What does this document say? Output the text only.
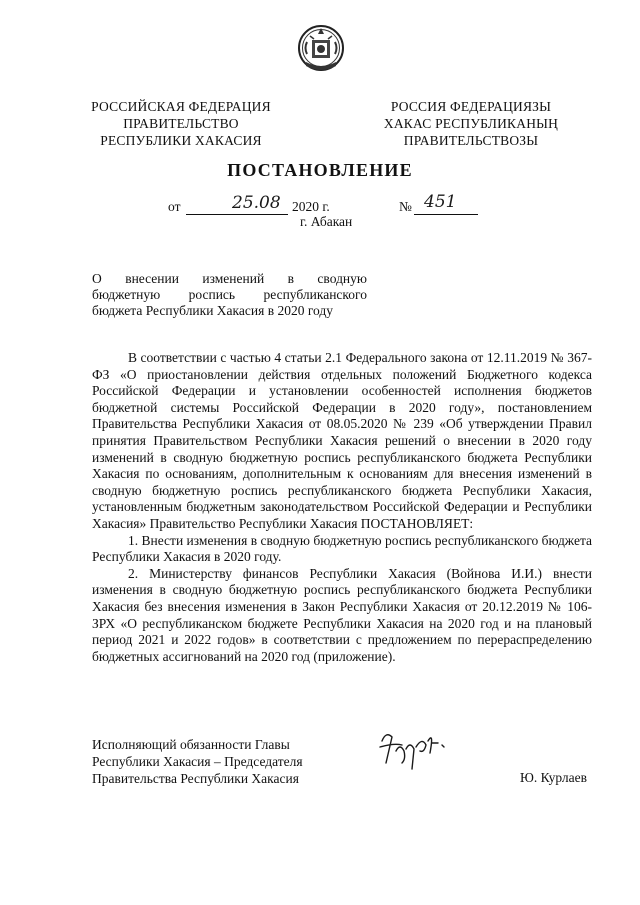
РОССИЙСКАЯ ФЕДЕРАЦИЯ
ПРАВИТЕЛЬСТВО
РЕСПУБЛИКИ ХАКАСИЯ
РОССИЯ ФЕДЕРАЦИЯЗЫ
ХАКАС РЕСПУБЛИКАНЫҢ
ПРАВИТЕЛЬСТВОЗЫ
ПОСТАНОВЛЕНИЕ
от	25.08 2020 г.	№ 451
г. Абакан
О внесении изменений в сводную
бюджетную роспись республиканского
бюджета Республики Хакасия в 2020 году

В соответствии с частью 4 статьи 2.1 Федерального закона от 12.11.2019 № 367-ФЗ «О приостановлении действия отдельных положений Бюджетного кодекса Российской Федерации и установлении особенностей исполнения бюджетов бюджетной системы Российской Федерации в 2020 году», постановлением Правительства Республики Хакасия от 08.05.2020 № 239 «Об утверждении Правил принятия Правительством Республики Хакасия решений о внесении в 2020 году изменений в сводную бюджетную роспись республиканского бюджета Республики Хакасия по основаниям, дополнительным к основаниям для внесения изменений в сводную бюджетную роспись республиканского бюджета Республики Хакасия, установленным бюджетным законодательством Российской Федерации и Республики Хакасия» Правительство Республики Хакасия ПОСТАНОВЛЯЕТ:

1. Внести изменения в сводную бюджетную роспись республиканского бюджета Республики Хакасия в 2020 году.

2. Министерству финансов Республики Хакасия (Войнова И.И.) внести изменения в сводную бюджетную роспись республиканского бюджета Республики Хакасия без внесения изменения в Закон Республики Хакасия от 20.12.2019 № 106-ЗРХ «О республиканском бюджете Республики Хакасия на 2020 год и на плановый период 2021 и 2022 годов» в соответствии с предложением по перераспределению бюджетных ассигнований на 2020 год (приложение).

Исполняющий обязанности Главы
Республики Хакасия – Председателя
Правительства Республики Хакасия	Ю. Курлаев
